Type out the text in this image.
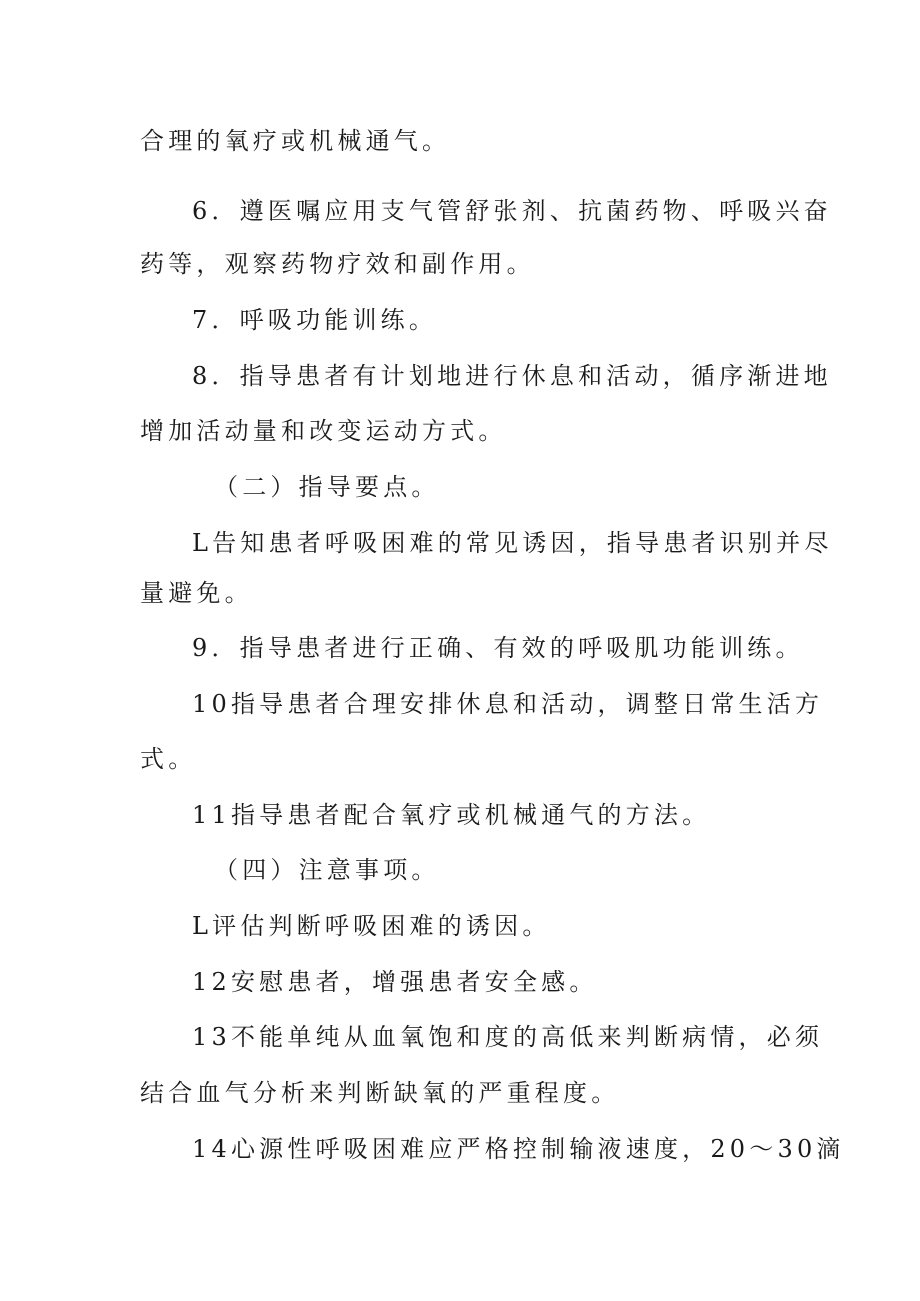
合理的氧疗或机械通气。
6．遵医嘱应用支气管舒张剂、抗菌药物、呼吸兴奋
药等，观察药物疗效和副作用。
7．呼吸功能训练。
8．指导患者有计划地进行休息和活动，循序渐进地
增加活动量和改变运动方式。
（二）指导要点。
L告知患者呼吸困难的常见诱因，指导患者识别并尽
量避免。
9．指导患者进行正确、有效的呼吸肌功能训练。
10指导患者合理安排休息和活动，调整日常生活方
式。
11指导患者配合氧疗或机械通气的方法。
（四）注意事项。
L评估判断呼吸困难的诱因。
12安慰患者，增强患者安全感。
13不能单纯从血氧饱和度的高低来判断病情，必须
结合血气分析来判断缺氧的严重程度。
14心源性呼吸困难应严格控制输液速度，20～30滴
